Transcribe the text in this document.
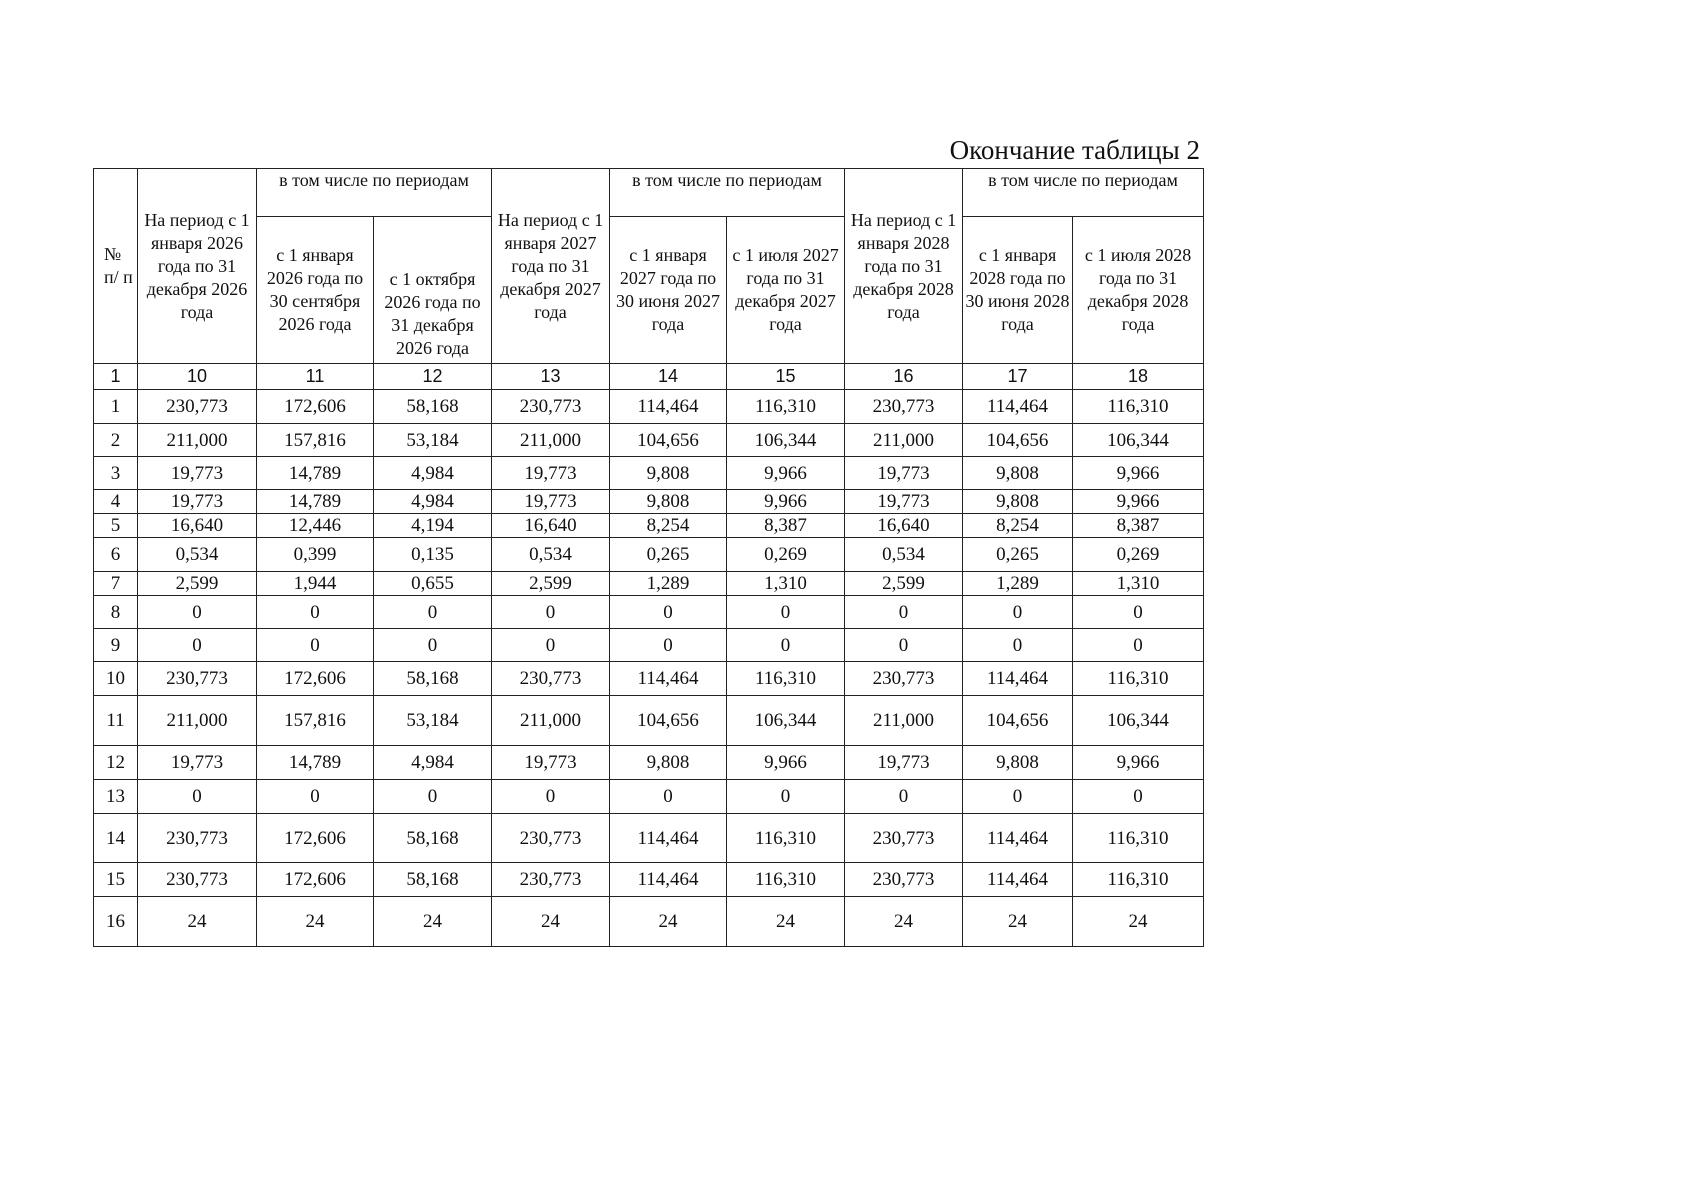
Окончание таблицы 2
№ п/ п	На период с 1 января 2026 года по 31 декабря 2026 года	в том числе по периодам		На период с 1 января 2027 года по 31 декабря 2027 года	в том числе по периодам		На период с 1 января 2028 года по 31 декабря 2028 года	в том числе по периодам	
		с 1 января 2026 года по 30 сентября 2026 года	с 1 октября 2026 года по 31 декабря 2026 года		с 1 января 2027 года по 30 июня 2027 года	с 1 июля 2027 года по 31 декабря 2027 года		с 1 января 2028 года по 30 июня 2028 года	с 1 июля 2028 года по 31 декабря 2028 года
1	10	11	12	13	14	15	16	17	18
1	230,773	172,606	58,168	230,773	114,464	116,310	230,773	114,464	116,310
2	211,000	157,816	53,184	211,000	104,656	106,344	211,000	104,656	106,344
3	19,773	14,789	4,984	19,773	9,808	9,966	19,773	9,808	9,966
4	19,773	14,789	4,984	19,773	9,808	9,966	19,773	9,808	9,966
5	16,640	12,446	4,194	16,640	8,254	8,387	16,640	8,254	8,387
6	0,534	0,399	0,135	0,534	0,265	0,269	0,534	0,265	0,269
7	2,599	1,944	0,655	2,599	1,289	1,310	2,599	1,289	1,310
8	0	0	0	0	0	0	0	0	0
9	0	0	0	0	0	0	0	0	0
10	230,773	172,606	58,168	230,773	114,464	116,310	230,773	114,464	116,310
11	211,000	157,816	53,184	211,000	104,656	106,344	211,000	104,656	106,344
12	19,773	14,789	4,984	19,773	9,808	9,966	19,773	9,808	9,966
13	0	0	0	0	0	0	0	0	0
14	230,773	172,606	58,168	230,773	114,464	116,310	230,773	114,464	116,310
15	230,773	172,606	58,168	230,773	114,464	116,310	230,773	114,464	116,310
16	24	24	24	24	24	24	24	24	24
